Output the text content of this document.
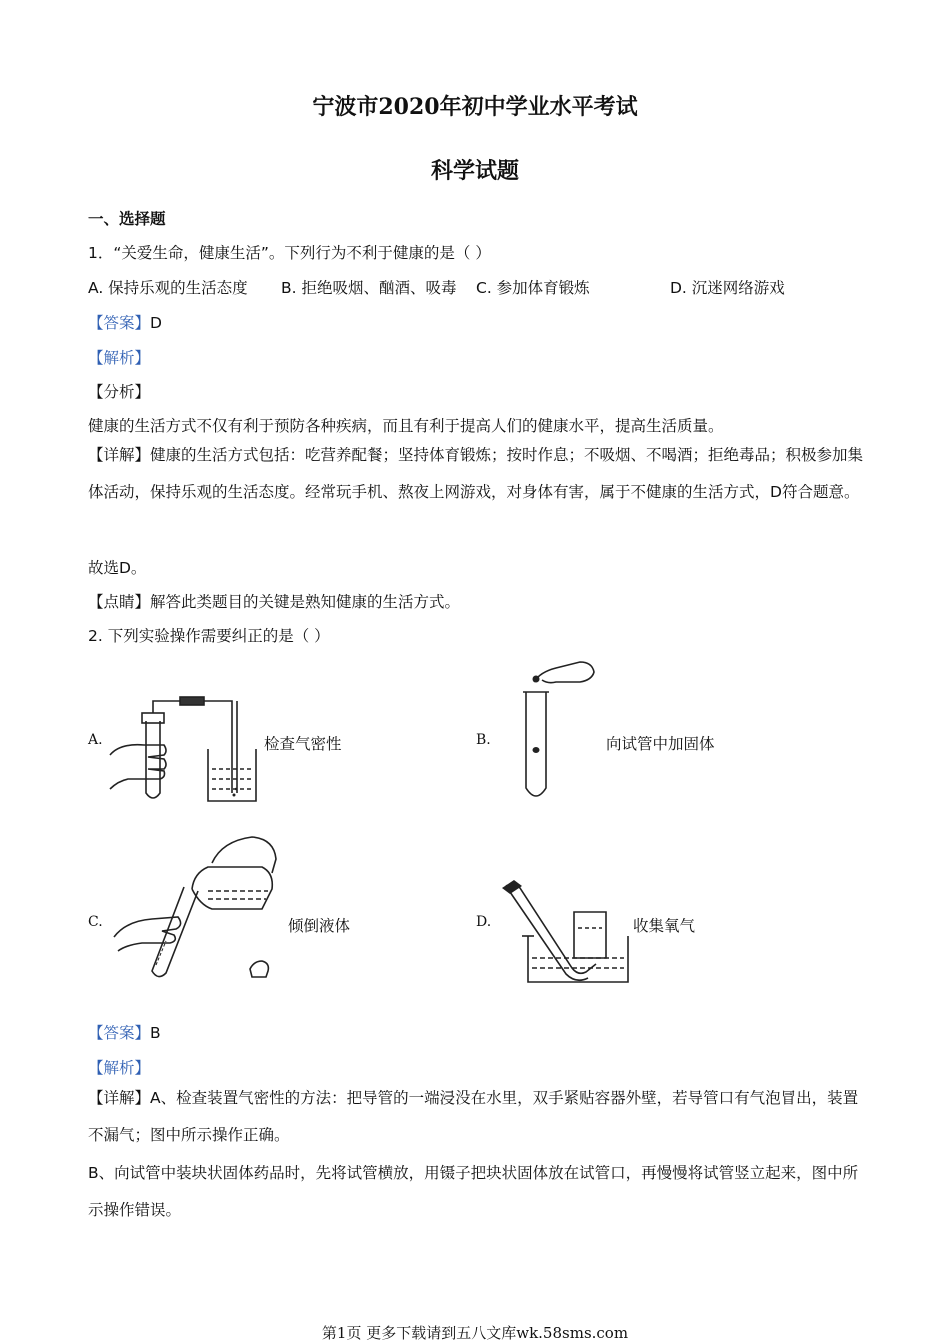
宁波市2020年初中学业水平考试
科学试题
一、选择题
1．“关爱生命，健康生活”。下列行为不利于健康的是（ ）
A. 保持乐观的生活态度 B. 拒绝吸烟、酗酒、吸毒 C. 参加体育锻炼	D. 沉迷网络游戏
【答案】D
【解析】
【分析】
健康的生活方式不仅有利于预防各种疾病，而且有利于提高人们的健康水平，提高生活质量。
【详解】健康的生活方式包括：吃营养配餐；坚持体育锻炼；按时作息；不吸烟、不喝酒；拒绝毒品；积极参加集体活动，保持乐观的生活态度。经常玩手机、熬夜上网游戏，对身体有害，属于不健康的生活方式，D符合题意。
故选D。
【点睛】解答此类题目的关键是熟知健康的生活方式。
2. 下列实验操作需要纠正的是（ ）
A.	检查气密性	B.	向试管中加固体
C.	倾倒液体	D.	收集氧气
【答案】B
【解析】
【详解】A、检查装置气密性的方法：把导管的一端浸没在水里，双手紧贴容器外壁，若导管口有气泡冒出，装置不漏气；图中所示操作正确。
B、向试管中装块状固体药品时，先将试管横放，用镊子把块状固体放在试管口，再慢慢将试管竖立起来，图中所示操作错误。
第1页 更多下载请到五八文库wk.58sms.com
